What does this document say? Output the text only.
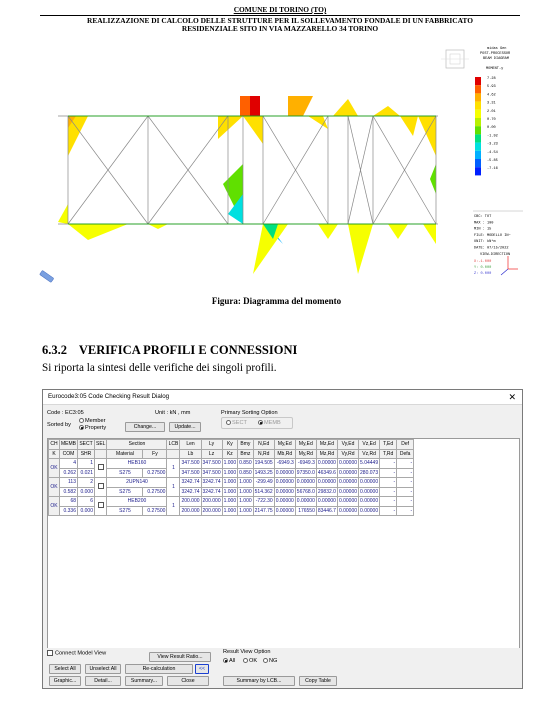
COMUNE DI TORINO (TO)
REALIZZAZIONE DI CALCOLO DELLE STRUTTURE PER IL SOLLEVAMENTO FONDALE DI UN FABBRICATO
RESIDENZIALE SITO IN VIA MAZZARELLO 34 TORINO
midas Gen
POST-PROCESSOR
BEAM DIAGRAM
MOMENT-y
7.28
5.93
4.62
3.31
2.01
0.70
0.00
-1.92
-3.23
-4.54
-5.85
-7.16
CBC: TOT
MAX : 100
MIN : 15
FILE: MODELLO IN~
UNIT: kN*m
DATE: 07/15/2022
VIEW-DIRECTION
X:-1.000
Y: 0.000
Z: 0.000
Figura: Diagramma del momento
6.3.2 VERIFICA PROFILI E CONNESSIONI
Si riporta la sintesi delle verifiche dei singoli profili.
Eurocode3:05 Code Checking Result Dialog	✕
Code : EC3:05	Unit : kN , mm
Sorted by
Member
Property	Change...	Update...
Primary Sorting Option
SECT	MEMB
CH	MEMB	SECT	SEL	Section		LCB	Len	Ly	Ky	Bmy	N,Ed	My,Ed	My,Ed	Mz,Ed	Vy,Ed	Vz,Ed	T,Ed	Def
K	COM	SHR		Material	Fy		Lb	Lz	Kz	Bmz	N,Rd	Mb,Rd	My,Rd	Mz,Rd	Vy,Rd	Vz,Rd	T,Rd	Defa
OK	4	1		HEB160		1	347.500	347.500	1.000	0.850	194.505	-6949.3	-6949.3	0.00000	0.00000	5.04449	-	-
	0.262	0.021		S275	0.27500		347.500	347.500	1.000	0.850	1493.25	0.00000	97350.0	46349.6	0.00000	280.073	-	-
OK	113	2		2UPN140		1	3242.74	3242.74	1.000	1.000	-299.49	0.00000	0.00000	0.00000	0.00000	0.00000	-	-
	0.582	0.000		S275	0.27500		3242.74	3242.74	1.000	1.000	514.362	0.00000	56768.0	29832.0	0.00000	0.00000	-	-
OK	68	6		HEB200		1	200.000	200.000	1.000	1.000	-722.30	0.00000	0.00000	0.00000	0.00000	0.00000	-	-
	0.336	0.000		S275	0.27500		200.000	200.000	1.000	1.000	2147.75	0.00000	176550	83446.7	0.00000	0.00000	-	-
Connect Model View
View Result Ratio...
Result View Option
All	OK	NG
Select All	Unselect All	Re-calculation	<<
Graphic...	Detail...	Summary...	Close	Summary by LCB...	Copy Table
